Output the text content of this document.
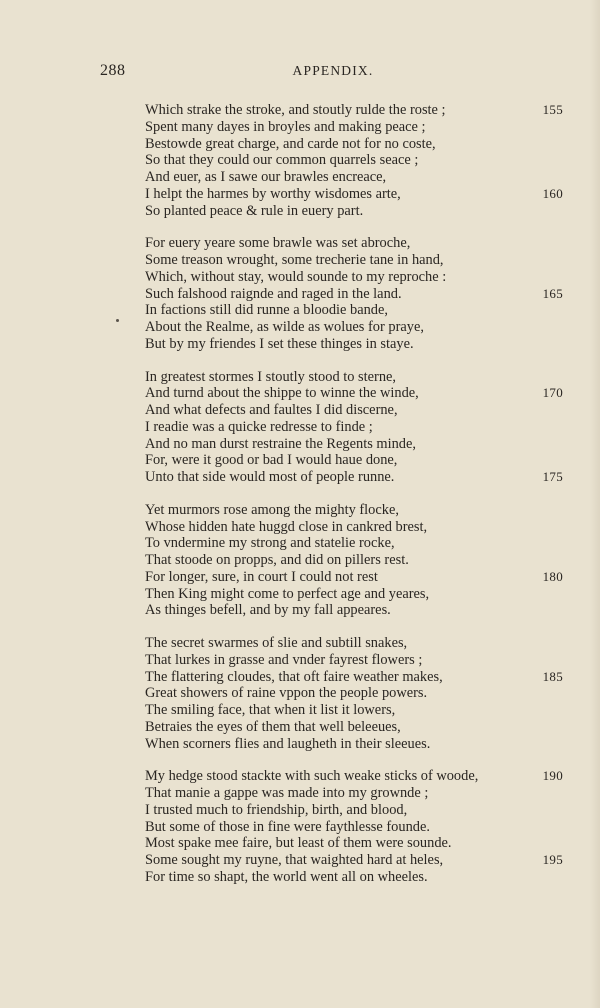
288	APPENDIX.
Which strake the stroke, and stoutly rulde the roste ;	155
Spent many dayes in broyles and making peace ;
Bestowde great charge, and carde not for no coste,
So that they could our common quarrels seace ;
And euer, as I sawe our brawles encreace,
I helpt the harmes by worthy wisdomes arte,	160
So planted peace & rule in euery part.
For euery yeare some brawle was set abroche,
Some treason wrought, some trecherie tane in hand,
Which, without stay, would sounde to my reproche :
Such falshood raignde and raged in the land.	165
In factions still did runne a bloodie bande,
About the Realme, as wilde as wolues for praye,
But by my friendes I set these thinges in staye.
In greatest stormes I stoutly stood to sterne,
And turnd about the shippe to winne the winde,	170
And what defects and faultes I did discerne,
I readie was a quicke redresse to finde ;
And no man durst restraine the Regents minde,
For, were it good or bad I would haue done,
Unto that side would most of people runne.	175
Yet murmors rose among the mighty flocke,
Whose hidden hate huggd close in cankred brest,
To vndermine my strong and statelie rocke,
That stoode on propps, and did on pillers rest.
For longer, sure, in court I could not rest	180
Then King might come to perfect age and yeares,
As thinges befell, and by my fall appeares.
The secret swarmes of slie and subtill snakes,
That lurkes in grasse and vnder fayrest flowers ;
The flattering cloudes, that oft faire weather makes,	185
Great showers of raine vppon the people powers.
The smiling face, that when it list it lowers,
Betraies the eyes of them that well beleeues,
When scorners flies and laugheth in their sleeues.
My hedge stood stackte with such weake sticks of woode,	190
That manie a gappe was made into my grownde ;
I trusted much to friendship, birth, and blood,
But some of those in fine were faythlesse founde.
Most spake mee faire, but least of them were sounde.
Some sought my ruyne, that waighted hard at heles,	195
For time so shapt, the world went all on wheeles.
